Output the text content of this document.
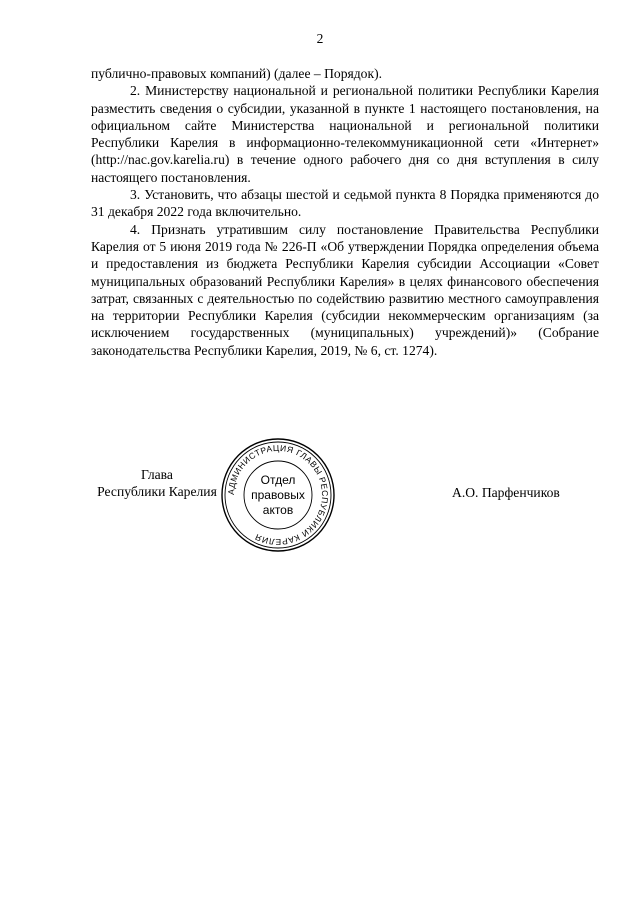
2

публично-правовых компаний) (далее – Порядок).

2. Министерству национальной и региональной политики Республики Карелия разместить сведения о субсидии, указанной в пункте 1 настоящего постановления, на официальном сайте Министерства национальной и региональной политики Республики Карелия в информационно-телекоммуникационной сети «Интернет» (http://nac.gov.karelia.ru) в течение одного рабочего дня со дня вступления в силу настоящего постановления.

3. Установить, что абзацы шестой и седьмой пункта 8 Порядка применяются до 31 декабря 2022 года включительно.

4. Признать утратившим силу постановление Правительства Республики Карелия от 5 июня 2019 года № 226-П «Об утверждении Порядка определения объема и предоставления из бюджета Республики Карелия субсидии Ассоциации «Совет муниципальных образований Республики Карелия» в целях финансового обеспечения затрат, связанных с деятельностью по содействию развитию местного самоуправления на территории Республики Карелия (субсидии некоммерческим организациям (за исключением государственных (муниципальных) учреждений)» (Собрание законодательства Республики Карелия, 2019, № 6, ст. 1274).

Глава
Республики Карелия	А.О. Парфенчиков
АДМИНИСТРАЦИЯ ГЛАВЫ РЕСПУБЛИКИ КАРЕЛИЯ
Отдел
правовых
актов
